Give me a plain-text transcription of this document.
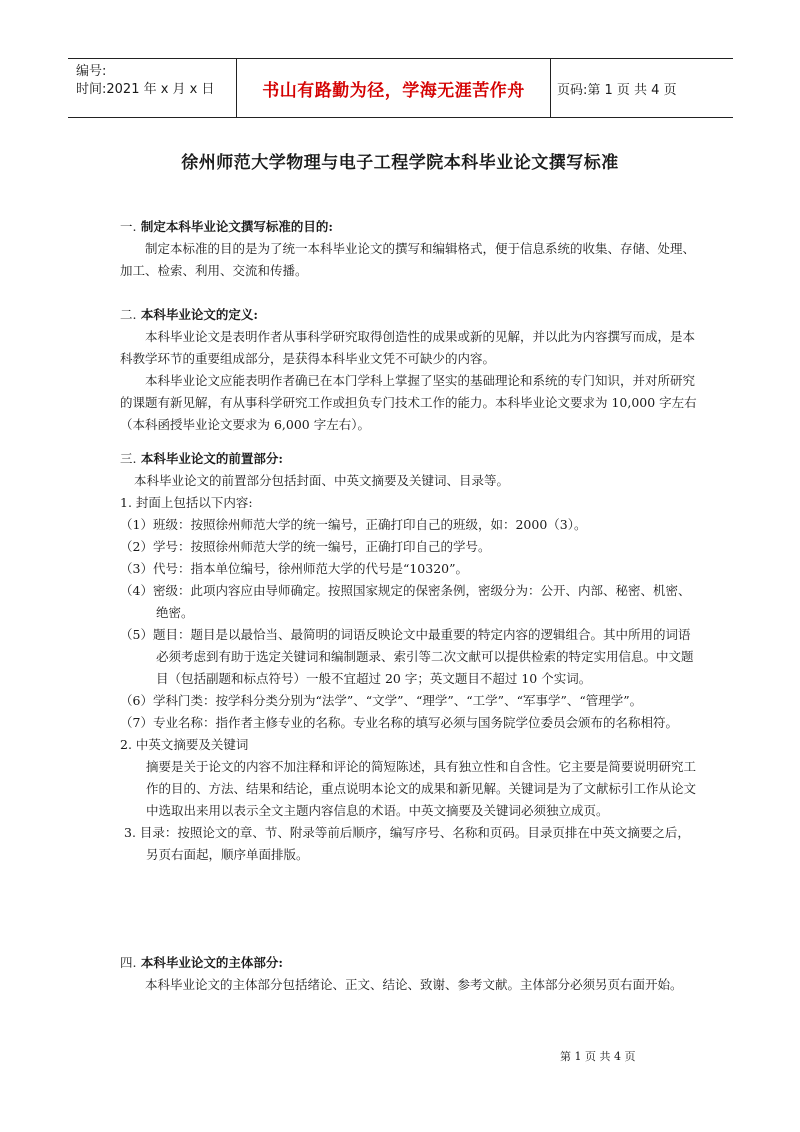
编号:
时间:2021 年 x 月 x 日	书山有路勤为径，学海无涯苦作舟 页码:第 1 页 共 4 页
徐州师范大学物理与电子工程学院本科毕业论文撰写标准

一. 制定本科毕业论文撰写标准的目的:

制定本标准的目的是为了统一本科毕业论文的撰写和编辑格式，便于信息系统的收集、存储、处理、加工、检索、利用、交流和传播。

二. 本科毕业论文的定义:

本科毕业论文是表明作者从事科学研究取得创造性的成果或新的见解，并以此为内容撰写而成，是本科教学环节的重要组成部分，是获得本科毕业文凭不可缺少的内容。

本科毕业论文应能表明作者确已在本门学科上掌握了坚实的基础理论和系统的专门知识，并对所研究的课题有新见解，有从事科学研究工作或担负专门技术工作的能力。本科毕业论文要求为 10,000 字左右（本科函授毕业论文要求为 6,000 字左右）。

三. 本科毕业论文的前置部分:

本科毕业论文的前置部分包括封面、中英文摘要及关键词、目录等。

1. 封面上包括以下内容:

（1）班级：按照徐州师范大学的统一编号，正确打印自己的班级，如：2000（3）。

（2）学号：按照徐州师范大学的统一编号，正确打印自己的学号。

（3）代号：指本单位编号，徐州师范大学的代号是“10320”。

（4）密级：此项内容应由导师确定。按照国家规定的保密条例，密级分为：公开、内部、秘密、机密、绝密。

（5）题目：题目是以最恰当、最简明的词语反映论文中最重要的特定内容的逻辑组合。其中所用的词语必须考虑到有助于选定关键词和编制题录、索引等二次文献可以提供检索的特定实用信息。中文题目（包括副题和标点符号）一般不宜超过 20 字；英文题目不超过 10 个实词。

（6）学科门类：按学科分类分别为“法学”、“文学”、“理学”、“工学”、“军事学”、“管理学”。

（7）专业名称：指作者主修专业的名称。专业名称的填写必须与国务院学位委员会颁布的名称相符。

2. 中英文摘要及关键词

摘要是关于论文的内容不加注释和评论的简短陈述，具有独立性和自含性。它主要是简要说明研究工作的目的、方法、结果和结论，重点说明本论文的成果和新见解。关键词是为了文献标引工作从论文中选取出来用以表示全文主题内容信息的术语。中英文摘要及关键词必须独立成页。

3. 目录：按照论文的章、节、附录等前后顺序，编写序号、名称和页码。目录页排在中英文摘要之后，另页右面起，顺序单面排版。

四. 本科毕业论文的主体部分:

本科毕业论文的主体部分包括绪论、正文、结论、致谢、参考文献。主体部分必须另页右面开始。

第 1 页 共 4 页
